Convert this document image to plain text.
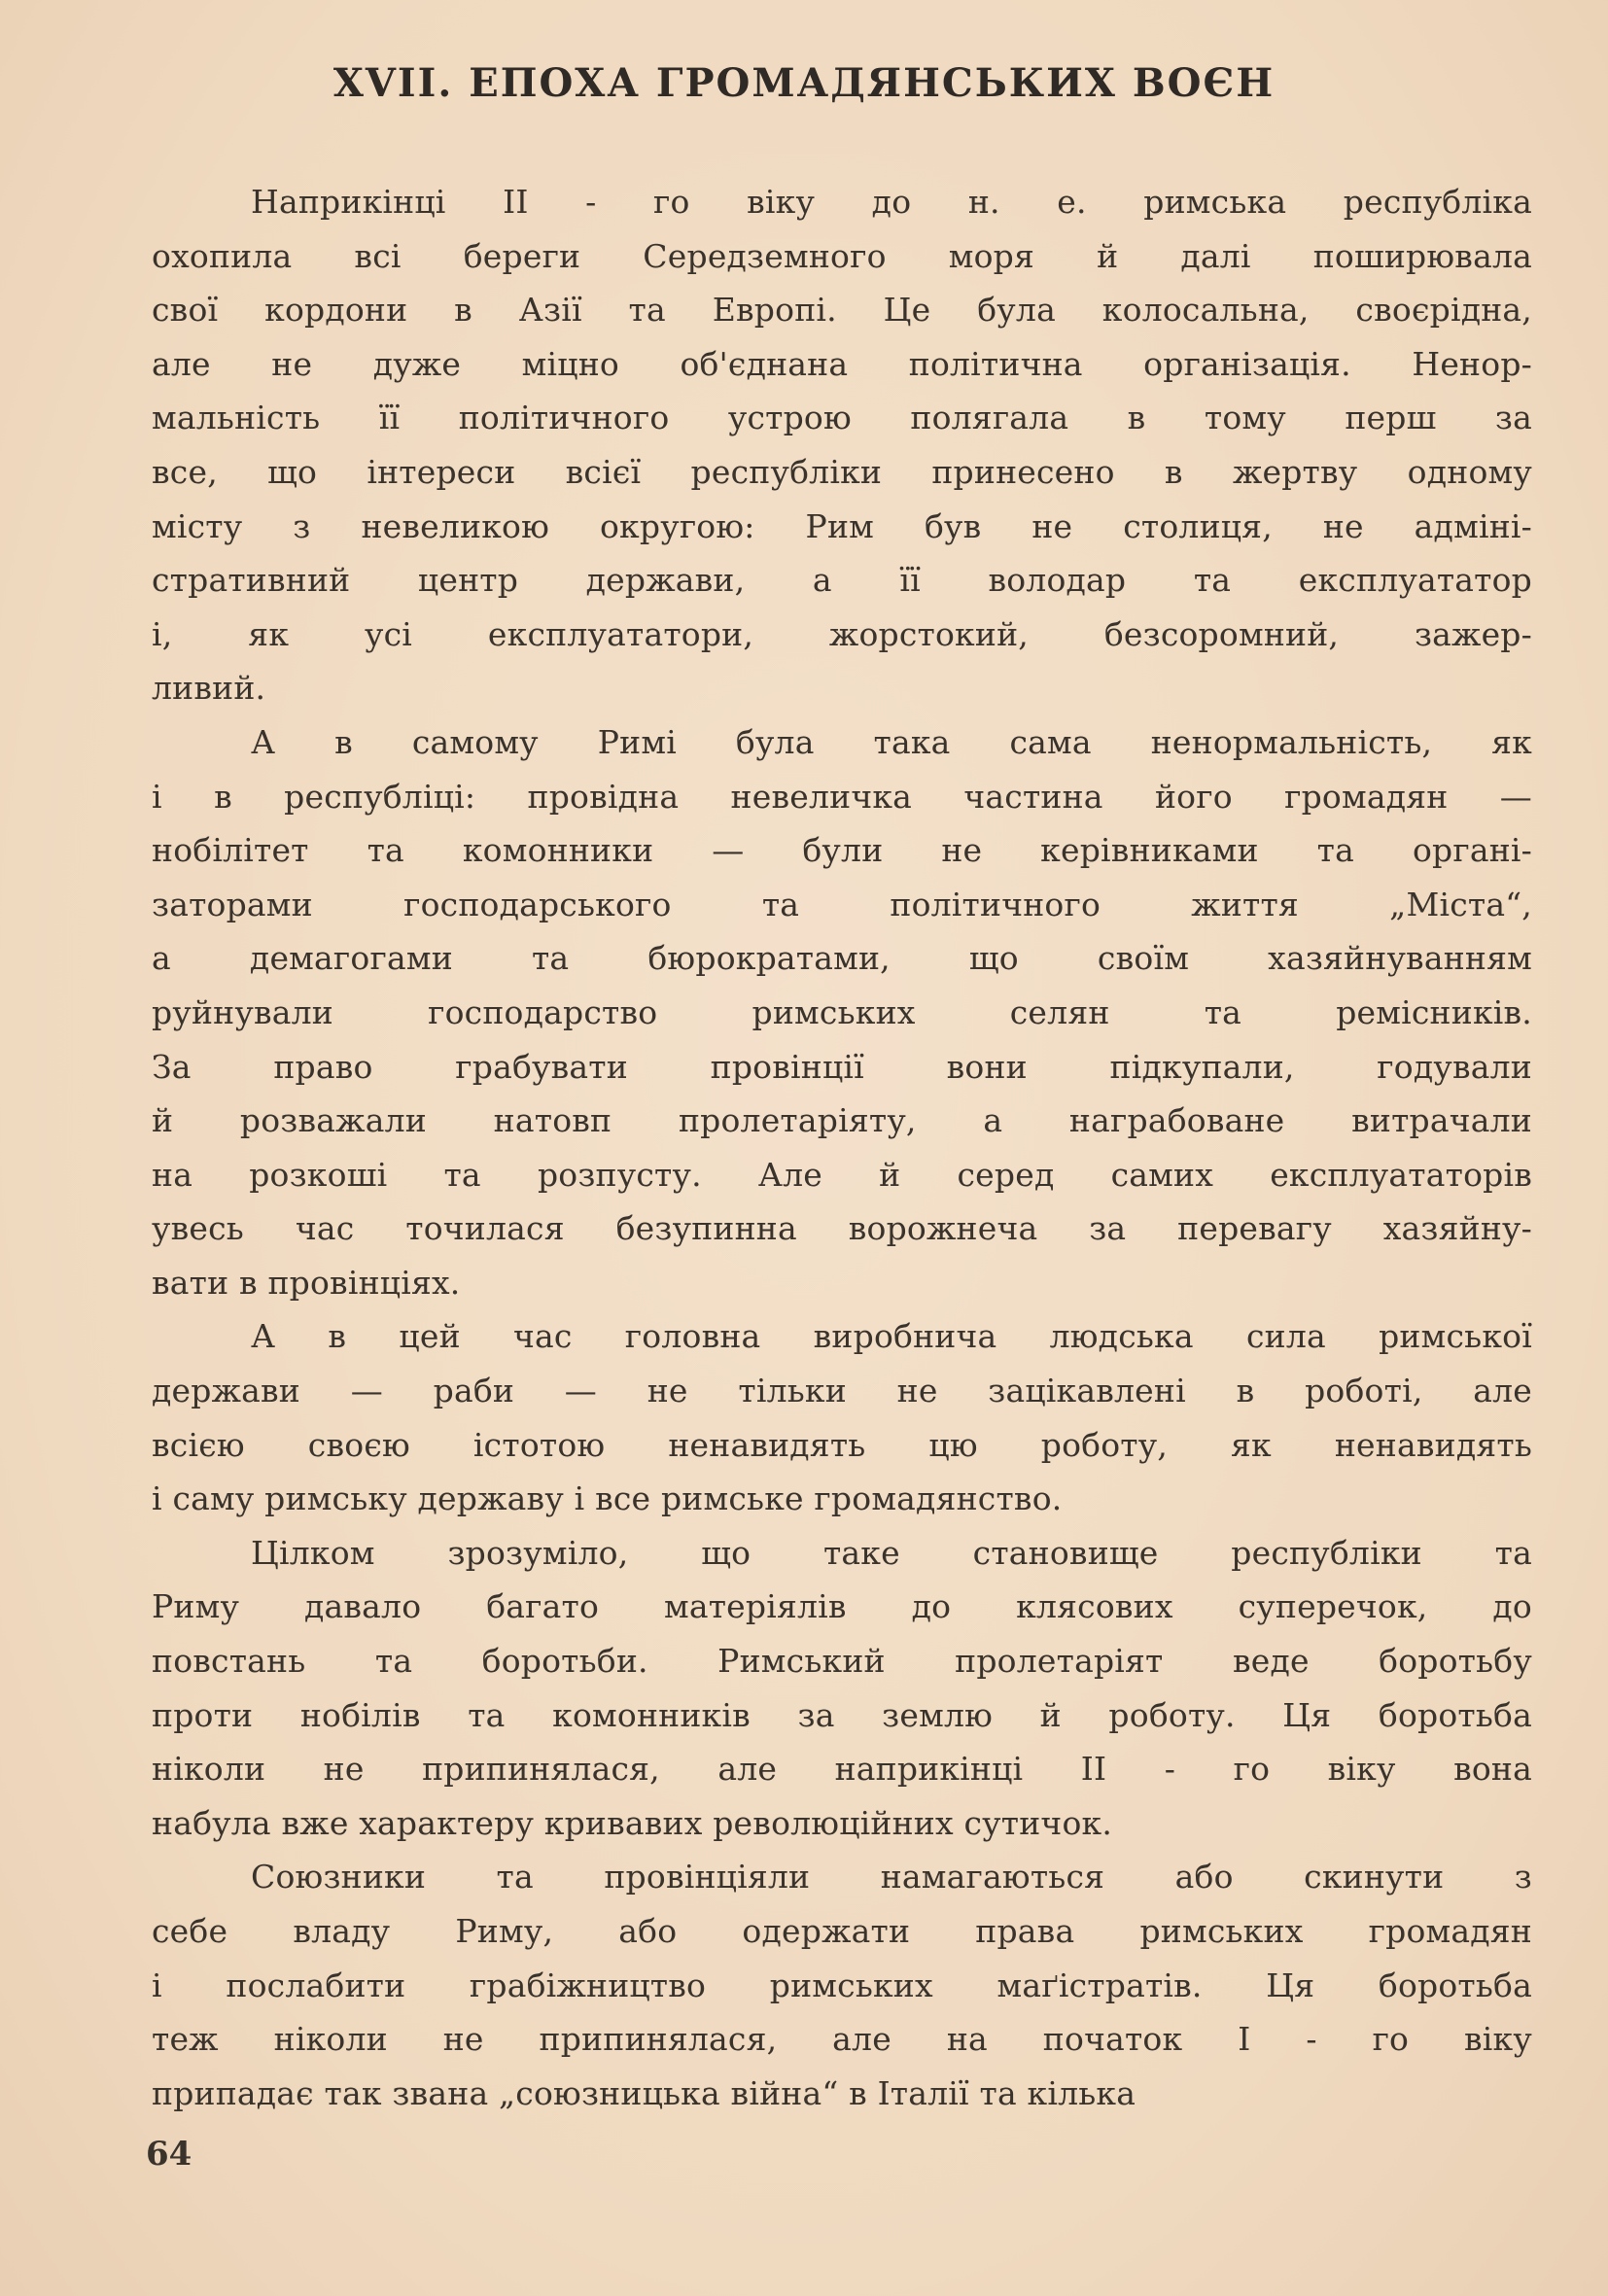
XVII. ЕПОХА ГРОМАДЯНСЬКИХ ВОЄН
Наприкінці II - го віку до н. е. римська республіка
охопила всі береги Середземного моря й далі поширювала
свої кордони в Азії та Европі. Це була колосальна, своєрідна,
але не дуже міцно об'єднана політична організація. Ненор-
мальність її політичного устрою полягала в тому перш за
все, що інтереси всієї республіки принесено в жертву одному
місту з невеликою округою: Рим був не столиця, не адміні-
стративний центр держави, а її володар та експлуататор
і, як усі експлуататори, жорстокий, безсоромний, зажер-
ливий.
А в самому Римі була така сама ненормальність, як
і в республіці: провідна невеличка частина його громадян —
нобілітет та комонники — були не керівниками та органі-
заторами господарського та політичного життя „Міста“,
а демагогами та бюрократами, що своїм хазяйнуванням
руйнували господарство римських селян та ремісників.
За право грабувати провінції вони підкупали, годували
й розважали натовп пролетаріяту, а награбоване витрачали
на розкоші та розпусту. Але й серед самих експлуататорів
увесь час точилася безупинна ворожнеча за перевагу хазяйну-
вати в провінціях.
А в цей час головна виробнича людська сила римської
держави — раби — не тільки не зацікавлені в роботі, але
всією своєю істотою ненавидять цю роботу, як ненавидять
і саму римську державу і все римське громадянство.
Цілком зрозуміло, що таке становище республіки та
Риму давало багато матеріялів до клясових суперечок, до
повстань та боротьби. Римський пролетаріят веде боротьбу
проти нобілів та комонників за землю й роботу. Ця боротьба
ніколи не припинялася, але наприкінці II - го віку вона
набула вже характеру кривавих революційних сутичок.
Союзники та провінціяли намагаються або скинути з
себе владу Риму, або одержати права римських громадян
і послабити грабіжництво римських маґістратів. Ця боротьба
теж ніколи не припинялася, але на початок I - го віку
припадає так звана „союзницька війна“ в Італії та кілька
64
